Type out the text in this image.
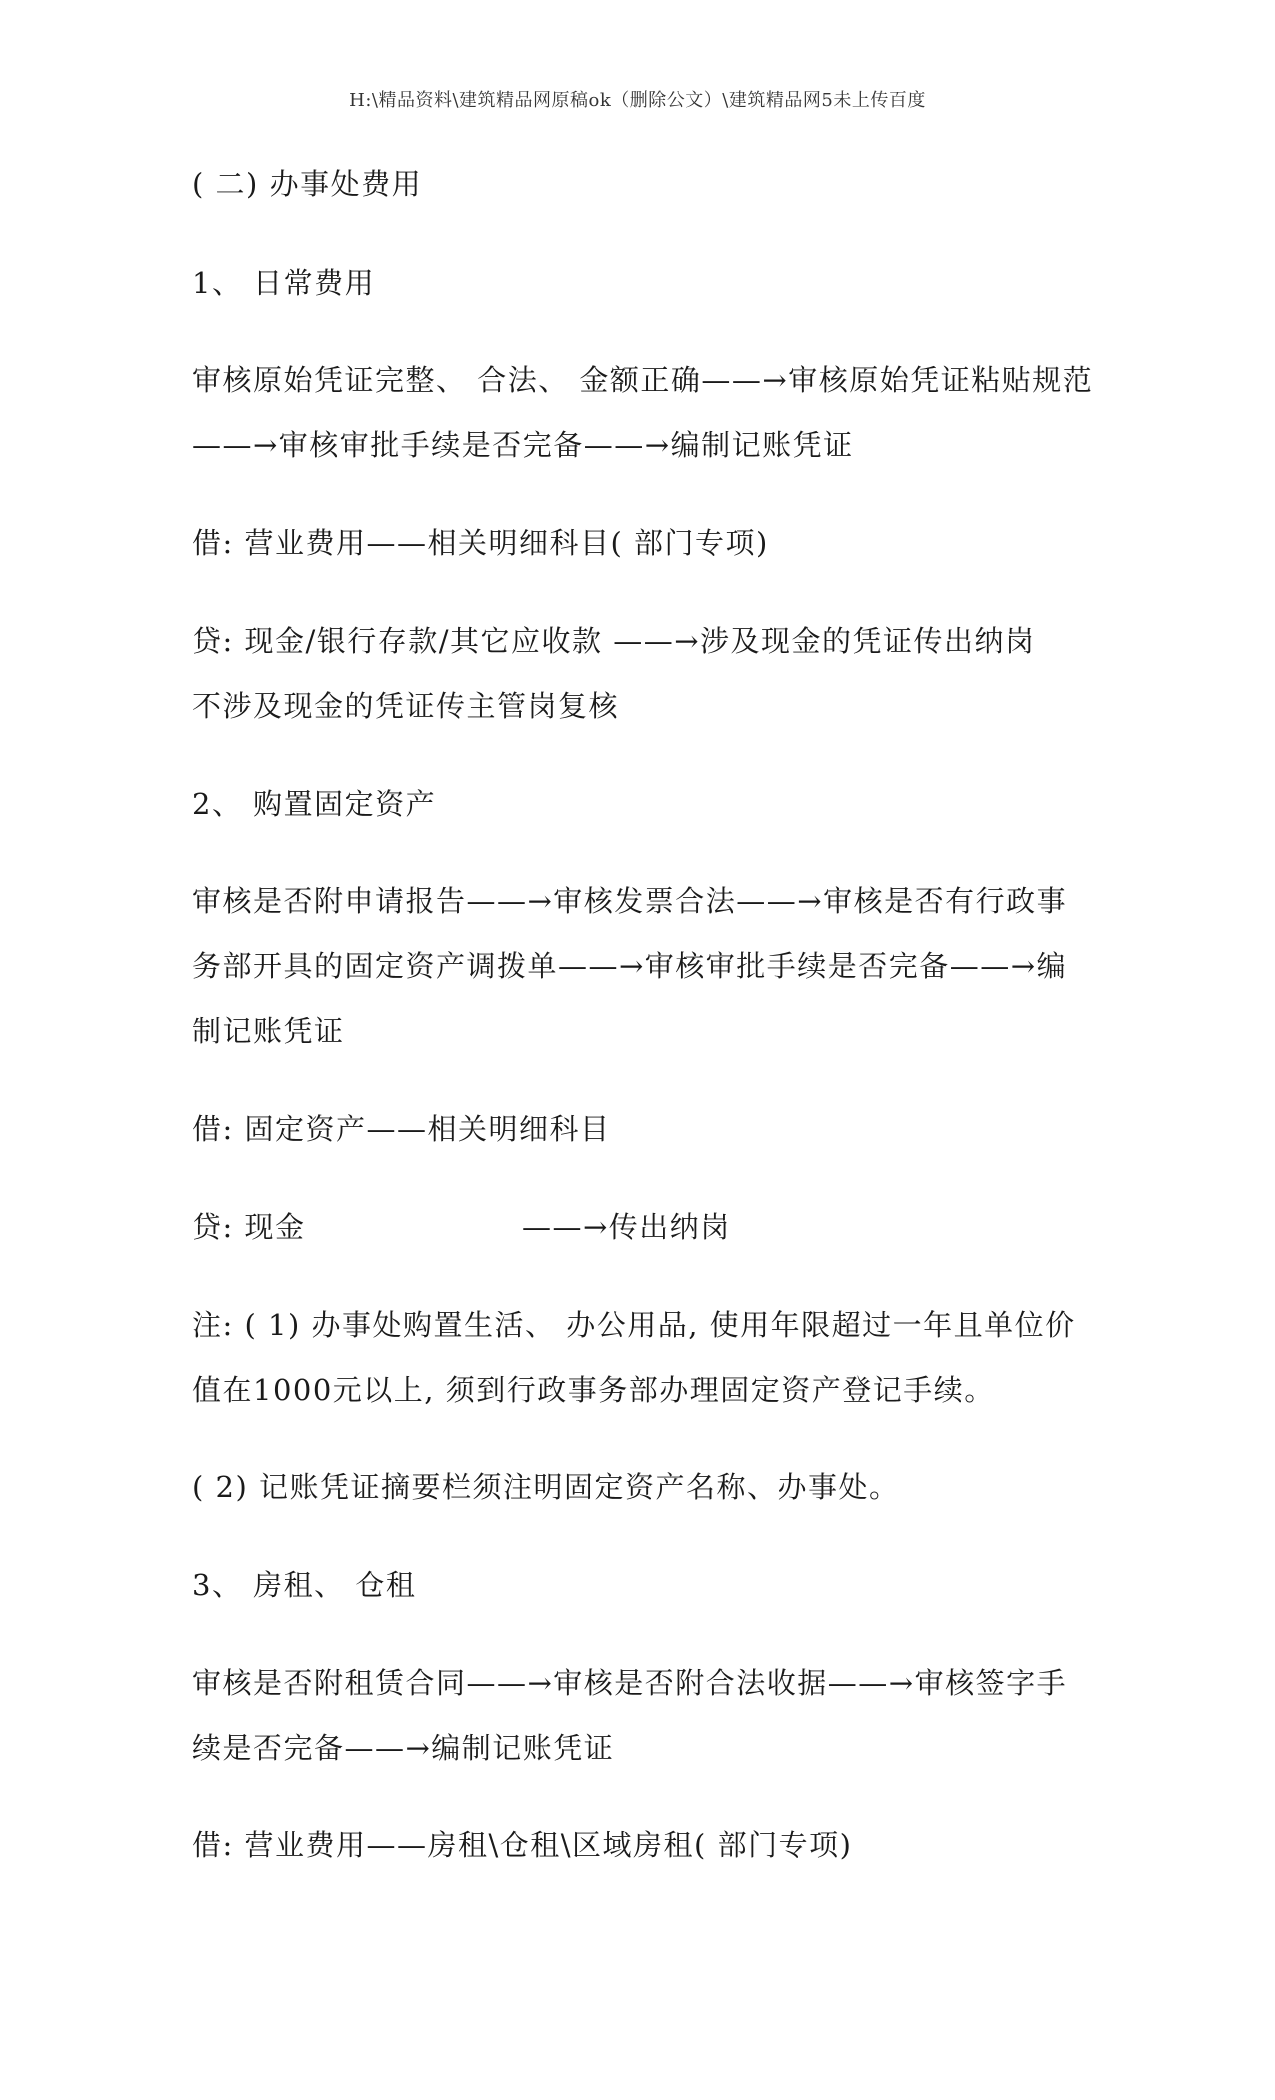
H:\精品资料\建筑精品网原稿ok（删除公文）\建筑精品网5未上传百度
( 二) 办事处费用
1、 日常费用
审核原始凭证完整、 合法、 金额正确——→审核原始凭证粘贴规范
——→审核审批手续是否完备——→编制记账凭证
借: 营业费用——相关明细科目( 部门专项)
贷: 现金/银行存款/其它应收款 ——→涉及现金的凭证传出纳岗
不涉及现金的凭证传主管岗复核
2、 购置固定资产
审核是否附申请报告——→审核发票合法——→审核是否有行政事
务部开具的固定资产调拨单——→审核审批手续是否完备——→编
制记账凭证
借: 固定资产——相关明细科目
贷: 现金	——→传出纳岗
注: ( 1) 办事处购置生活、 办公用品, 使用年限超过一年且单位价
值在1000元以上, 须到行政事务部办理固定资产登记手续。
( 2) 记账凭证摘要栏须注明固定资产名称、办事处。
3、 房租、 仓租
审核是否附租赁合同——→审核是否附合法收据——→审核签字手
续是否完备——→编制记账凭证
借: 营业费用——房租\仓租\区域房租( 部门专项)
